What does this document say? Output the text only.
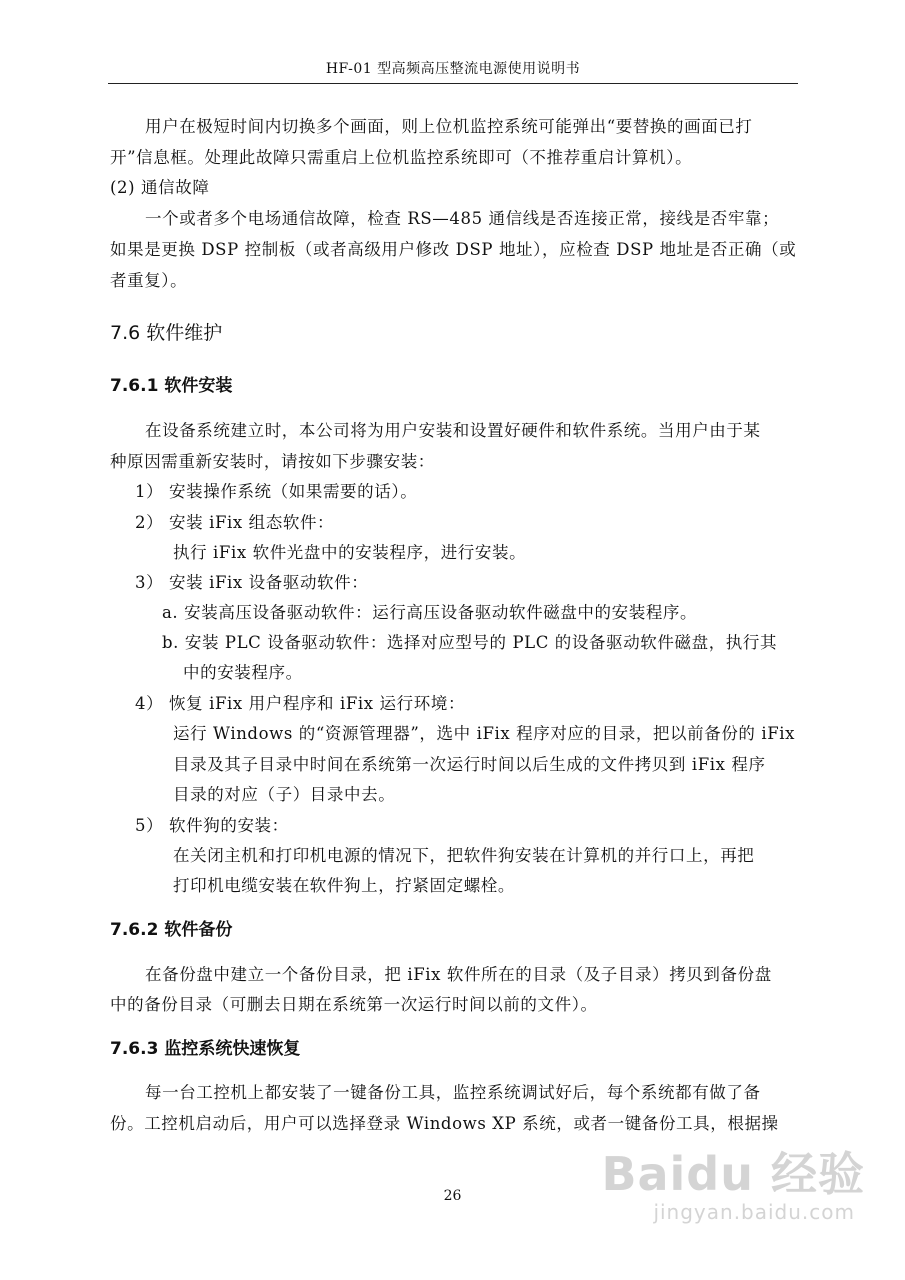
HF-01 型高频高压整流电源使用说明书
用户在极短时间内切换多个画面，则上位机监控系统可能弹出“要替换的画面已打
开”信息框。处理此故障只需重启上位机监控系统即可（不推荐重启计算机）。
(2) 通信故障
一个或者多个电场通信故障，检查 RS—485 通信线是否连接正常，接线是否牢靠；
如果是更换 DSP 控制板（或者高级用户修改 DSP 地址），应检查 DSP 地址是否正确（或
者重复）。
7.6 软件维护
7.6.1 软件安装
在设备系统建立时，本公司将为用户安装和设置好硬件和软件系统。当用户由于某
种原因需重新安装时，请按如下步骤安装：
1） 安装操作系统（如果需要的话）。
2） 安装 iFix 组态软件：
执行 iFix 软件光盘中的安装程序，进行安装。
3） 安装 iFix 设备驱动软件：
a. 安装高压设备驱动软件：运行高压设备驱动软件磁盘中的安装程序。
b. 安装 PLC 设备驱动软件：选择对应型号的 PLC 的设备驱动软件磁盘，执行其
中的安装程序。
4） 恢复 iFix 用户程序和 iFix 运行环境：
运行 Windows 的“资源管理器”，选中 iFix 程序对应的目录，把以前备份的 iFix
目录及其子目录中时间在系统第一次运行时间以后生成的文件拷贝到 iFix 程序
目录的对应（子）目录中去。
5） 软件狗的安装：
在关闭主机和打印机电源的情况下，把软件狗安装在计算机的并行口上，再把
打印机电缆安装在软件狗上，拧紧固定螺栓。
7.6.2 软件备份
在备份盘中建立一个备份目录，把 iFix 软件所在的目录（及子目录）拷贝到备份盘
中的备份目录（可删去日期在系统第一次运行时间以前的文件）。
7.6.3 监控系统快速恢复
每一台工控机上都安装了一键备份工具，监控系统调试好后，每个系统都有做了备
份。工控机启动后，用户可以选择登录 Windows XP 系统，或者一键备份工具，根据操
26	Baidu 经验
jingyan.baidu.com
